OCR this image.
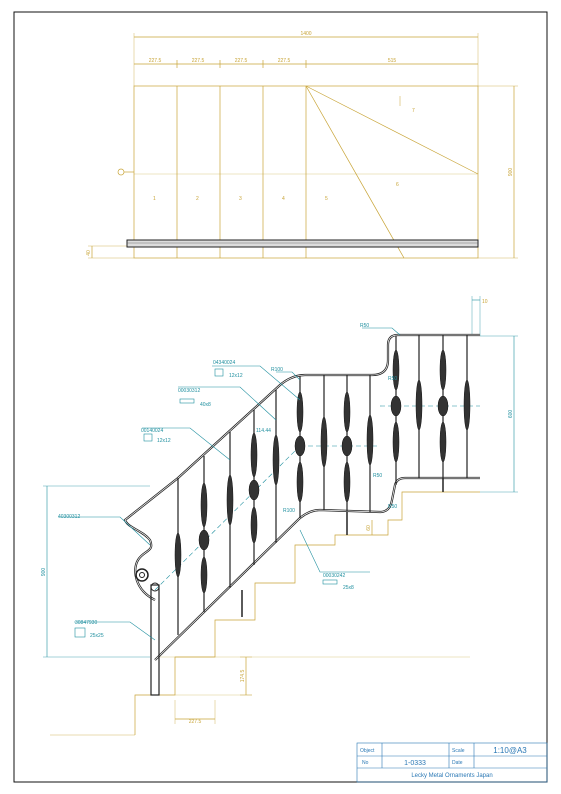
1400
227.5	227.5	227.5	227.5	515
900
40
1	2	3	4	5
6
7
04340024
12x12
00030312
40x8
00140024
12x12
40300312
00030242
25x8
30847930
25x25
10
600
900
174.5
227.5
114.44
60
R50
R100
R50
R100
R50
R50
Object	Scale	1:10@A3
No	1-0333	Date
Lecky Metal Ornaments Japan
